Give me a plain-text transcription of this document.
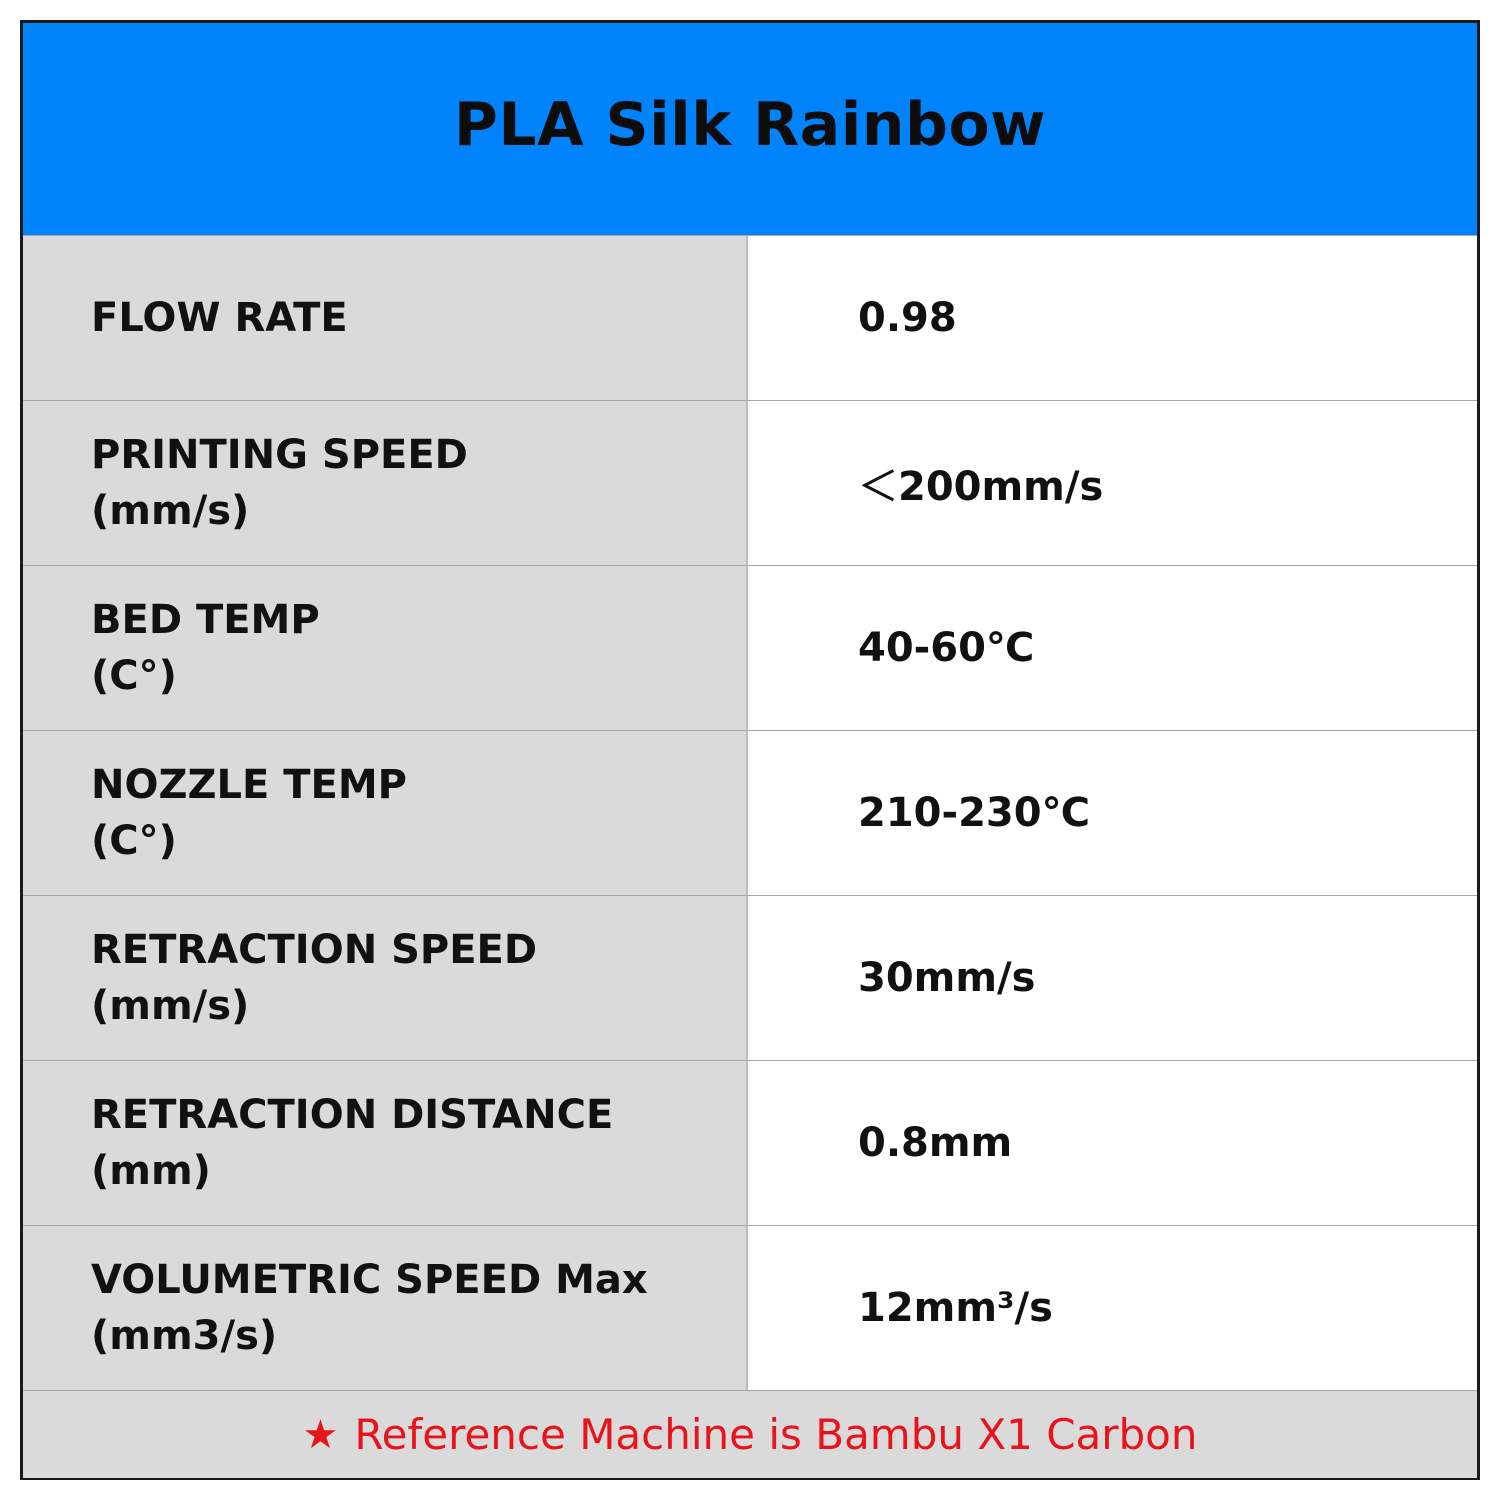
PLA Silk Rainbow
FLOW RATE	0.98
PRINTING SPEED
(mm/s)
＜200mm/s
BED TEMP
(C°)
40-60℃
NOZZLE TEMP
(C°)
210-230℃
RETRACTION SPEED
(mm/s)
30mm/s
RETRACTION DISTANCE
(mm)
0.8mm
VOLUMETRIC SPEED Max
(mm3/s)
12mm³/s
★ Reference Machine is Bambu X1 Carbon
